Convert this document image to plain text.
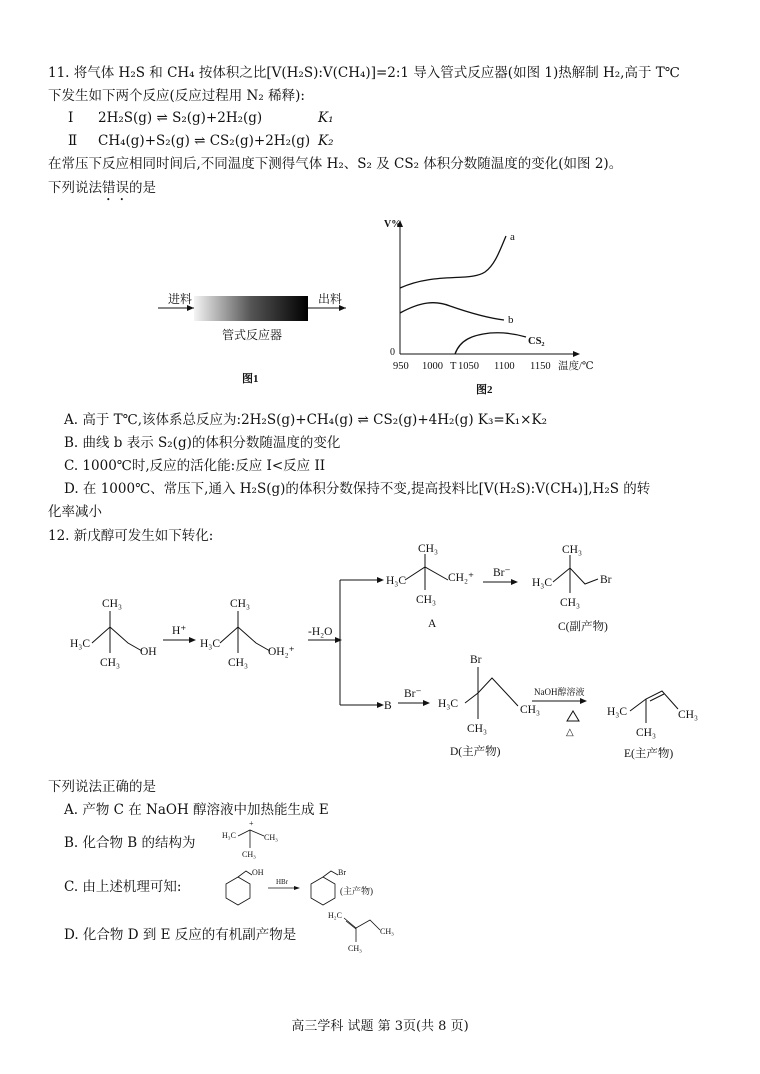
11. 将气体 H₂S 和 CH₄ 按体积之比[V(H₂S):V(CH₄)]=2:1 导入管式反应器(如图 1)热解制 H₂,高于 T℃
下发生如下两个反应(反应过程用 N₂ 稀释):
Ⅰ 2H₂S(g) ⇌ S₂(g)+2H₂(g)	K₁
Ⅱ CH₄(g)+S₂(g) ⇌ CS₂(g)+2H₂(g) K₂
在常压下反应相同时间后,不同温度下测得气体 H₂、S₂ 及 CS₂ 体积分数随温度的变化(如图 2)。
下列说法错误的是
进料	出料
管式反应器
图1
V%
0
950 1000 T 1050 1100 1150 温度/℃
a
b
CS₂
图2
A. 高于 T℃,该体系总反应为:2H₂S(g)+CH₄(g) ⇌ CS₂(g)+4H₂(g) K₃=K₁×K₂
B. 曲线 b 表示 S₂(g)的体积分数随温度的变化
C. 1000℃时,反应的活化能:反应 I<反应 II
D. 在 1000℃、常压下,通入 H₂S(g)的体积分数保持不变,提高投料比[V(H₂S):V(CH₄)],H₂S 的转
化率减小
12. 新戊醇可发生如下转化:
H₃C
CH₃
CH₃
OH
H⁺
H₃C
CH₃
CH₃
OH₂⁺
-H₂O
H₃C
CH₃
CH₃
CH₂⁺
A
Br⁻
H₃C
CH₃
CH₃
Br
C(副产物)
B
Br⁻
H₃C
Br
CH₃
CH₃
D(主产物)
NaOH醇溶液
△
H₃C
CH₃
CH₃
E(主产物)
下列说法正确的是
A. 产物 C 在 NaOH 醇溶液中加热能生成 E
B. 化合物 B 的结构为	H₃C
+
CH₃
CH₃
C. 由上述机理可知:
OH
HBr
Br
(主产物)
D. 化合物 D 到 E 反应的有机副产物是
H₂C
CH₃
CH₃
高三学科 试题 第 3页(共 8 页)
